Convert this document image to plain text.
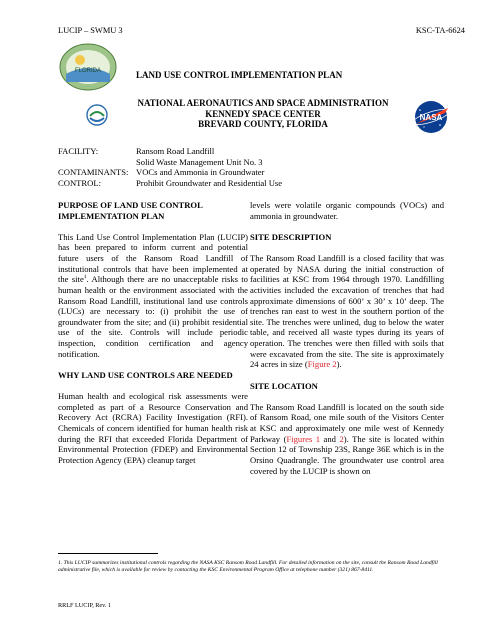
LUCIP – SWMU 3	KSC-TA-6624
FLORIDA
NASA
LAND USE CONTROL IMPLEMENTATION PLAN
NATIONAL AERONAUTICS AND SPACE ADMINISTRATION
KENNEDY SPACE CENTER
BREVARD COUNTY, FLORIDA
FACILITY:	Ransom Road Landfill
Solid Waste Management Unit No. 3
CONTAMINANTS: VOCs and Ammonia in Groundwater
CONTROL:	Prohibit Groundwater and Residential Use
PURPOSE OF LAND USE CONTROL IMPLEMENTATION PLAN

This Land Use Control Implementation Plan (LUCIP) has been prepared to inform current and potential future users of the Ransom Road Landfill of institutional controls that have been implemented at the site$^1$. Although there are no unacceptable risks to human health or the environment associated with the Ransom Road Landfill, institutional land use controls (LUCs) are necessary to: (i) prohibit the use of groundwater from the site; and (ii) prohibit residential use of the site. Controls will include periodic inspection, condition certification and agency notification.

WHY LAND USE CONTROLS ARE NEEDED

Human health and ecological risk assessments were completed as part of a Resource Conservation and Recovery Act (RCRA) Facility Investigation (RFI). Chemicals of concern identified for human health risk during the RFI that exceeded Florida Department of Environmental Protection (FDEP) and Environmental Protection Agency (EPA) cleanup target

levels were volatile organic compounds (VOCs) and ammonia in groundwater.

SITE DESCRIPTION

The Ransom Road Landfill is a closed facility that was operated by NASA during the initial construction of facilities at KSC from 1964 through 1970. Landfilling activities included the excavation of trenches that had approximate dimensions of 600’ x 30’ x 10’ deep. The trenches ran east to west in the southern portion of the site. The trenches were unlined, dug to below the water table, and received all waste types during its years of operation. The trenches were then filled with soils that were excavated from the site. The site is approximately 24 acres in size (Figure 2).

SITE LOCATION

The Ransom Road Landfill is located on the south side of Ransom Road, one mile south of the Visitors Center at KSC and approximately one mile west of Kennedy Parkway (Figures 1 and 2). The site is located within Section 12 of Township 23S, Range 36E which is in the Orsino Quadrangle. The groundwater use control area covered by the LUCIP is shown on

1. This LUCIP summarizes institutional controls regarding the NASA KSC Ransom Road Landfill. For detailed information on the site, consult the Ransom Road Landfill administrative file, which is available for review by contacting the KSC Environmental Program Office at telephone number (321) 867-8411.
RRLF LUCIP, Rev. 1
